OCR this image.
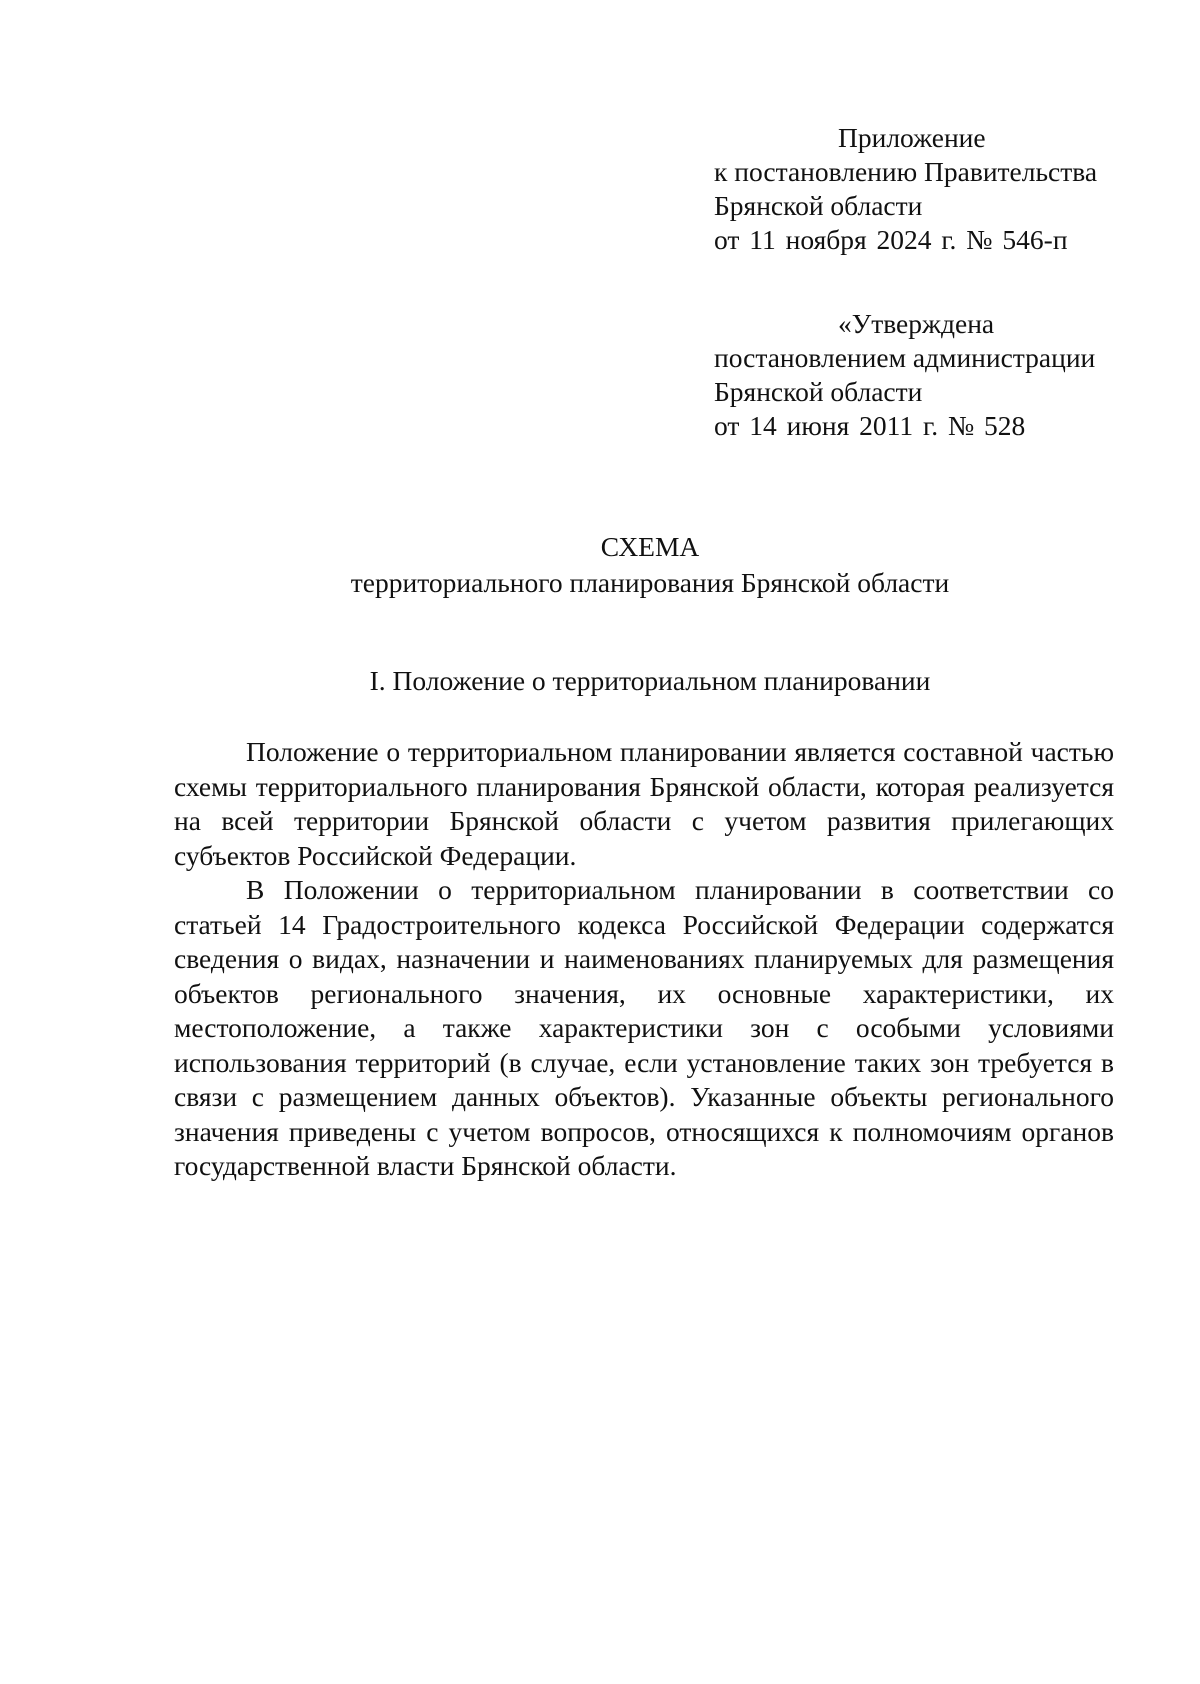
Приложение
к постановлению Правительства
Брянской области
от 11 ноября 2024 г. № 546-п
«Утверждена
постановлением администрации
Брянской области
от 14 июня 2011 г. № 528
СХЕМА
территориального планирования Брянской области
I. Положение о территориальном планировании

Положение о территориальном планировании является составной частью схемы территориального планирования Брянской области, которая реализуется на всей территории Брянской области с учетом развития прилегающих субъектов Российской Федерации.

В Положении о территориальном планировании в соответствии со статьей 14 Градостроительного кодекса Российской Федерации содержатся сведения о видах, назначении и наименованиях планируемых для размещения объектов регионального значения, их основные характеристики, их местоположение, а также характеристики зон с особыми условиями использования территорий (в случае, если установление таких зон требуется в связи с размещением данных объектов). Указанные объекты регионального значения приведены с учетом вопросов, относящихся к полномочиям органов государственной власти Брянской области.
